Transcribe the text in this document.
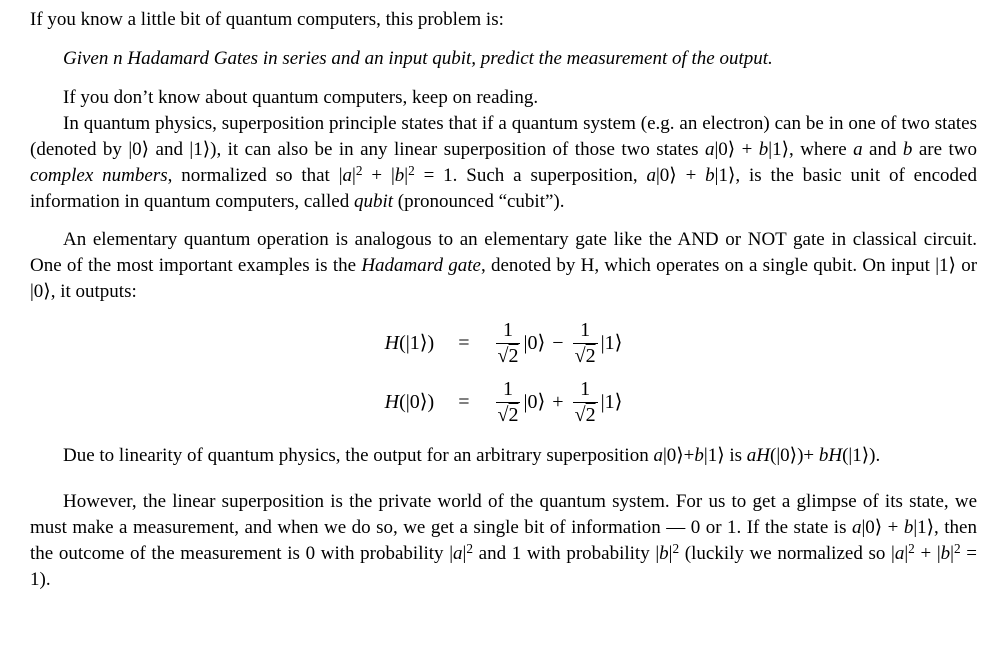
If you know a little bit of quantum computers, this problem is:

Given n Hadamard Gates in series and an input qubit, predict the measurement of the output.

If you don’t know about quantum computers, keep on reading.

In quantum physics, superposition principle states that if a quantum system (e.g. an electron) can be in one of two states (denoted by |0⟩ and |1⟩), it can also be in any linear superposition of those two states a|0⟩ + b|1⟩, where a and b are two complex numbers, normalized so that $|a|^2 + |b|^2 = 1$. Such a superposition, a|0⟩ + b|1⟩, is the basic unit of encoded information in quantum computers, called qubit (pronounced “cubit”).

An elementary quantum operation is analogous to an elementary gate like the AND or NOT gate in classical circuit. One of the most important examples is the Hadamard gate, denoted by H, which operates on a single qubit. On input |1⟩ or |0⟩, it outputs:

H(|1⟩) = $\frac{1}{√2}$ |0⟩ − $\frac{1}{√2}$ |1⟩
H(|0⟩) = $\frac{1}{√2}$ |0⟩ + $\frac{1}{√2}$ |1⟩

Due to linearity of quantum physics, the output for an arbitrary superposition a|0⟩+b|1⟩ is aH(|0⟩)+ bH(|1⟩).

However, the linear superposition is the private world of the quantum system. For us to get a glimpse of its state, we must make a measurement, and when we do so, we get a single bit of information — 0 or 1. If the state is a|0⟩ + b|1⟩, then the outcome of the measurement is 0 with probability $|a|^2$ and 1 with probability $|b|^2$ (luckily we normalized so $|a|^2 + |b|^2 = 1$).
